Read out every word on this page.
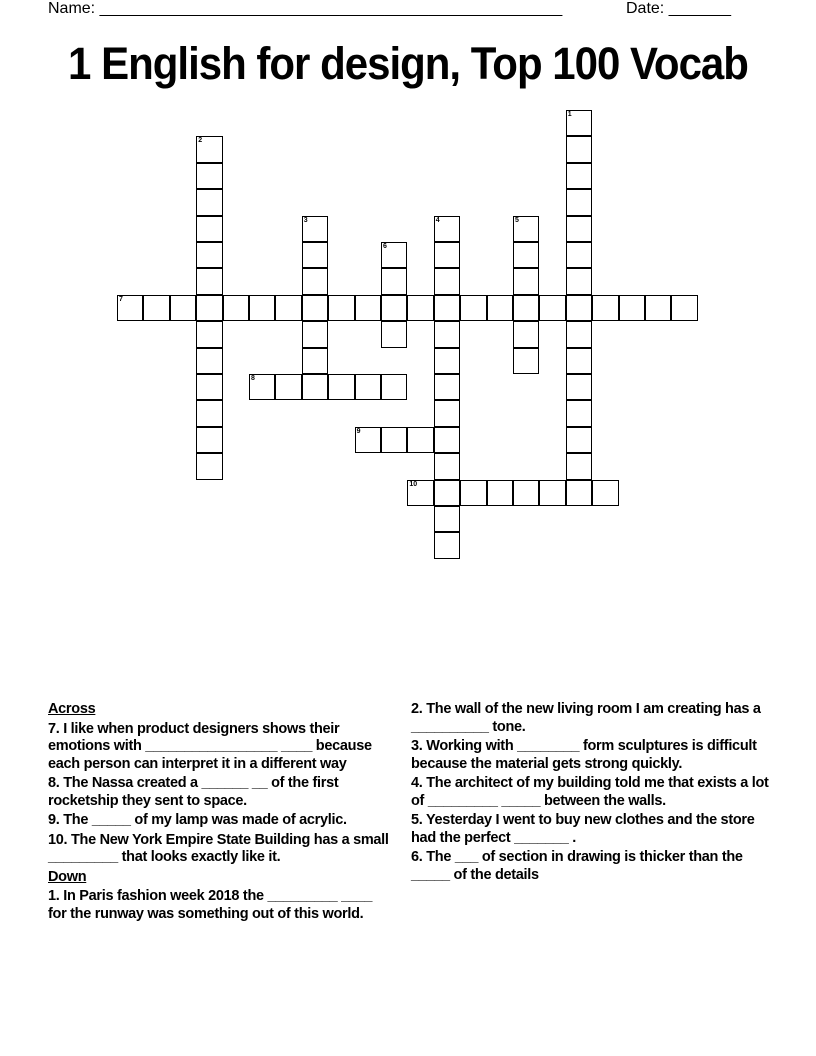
Name: ____________________________________________________	Date: _______
1 English for design, Top 100 Vocab
1
2
3	4	5
6
7
8
9
10
Across
7. I like when product designers shows their emotions with _________________ ____ because each person can interpret it in a different way
8. The Nassa created a ______ __ of the first rocketship they sent to space.
9. The _____ of my lamp was made of acrylic.
10. The New York Empire State Building has a small _________ that looks exactly like it.
Down
1. In Paris fashion week 2018 the _________ ____ for the runway was something out of this world.
2. The wall of the new living room I am creating has a __________ tone.
3. Working with ________ form sculptures is difficult because the material gets strong quickly.
4. The architect of my building told me that exists a lot of _________ _____ between the walls.
5. Yesterday I went to buy new clothes and the store had the perfect _______ .
6. The ___ of section in drawing is thicker than the _____ of the details
